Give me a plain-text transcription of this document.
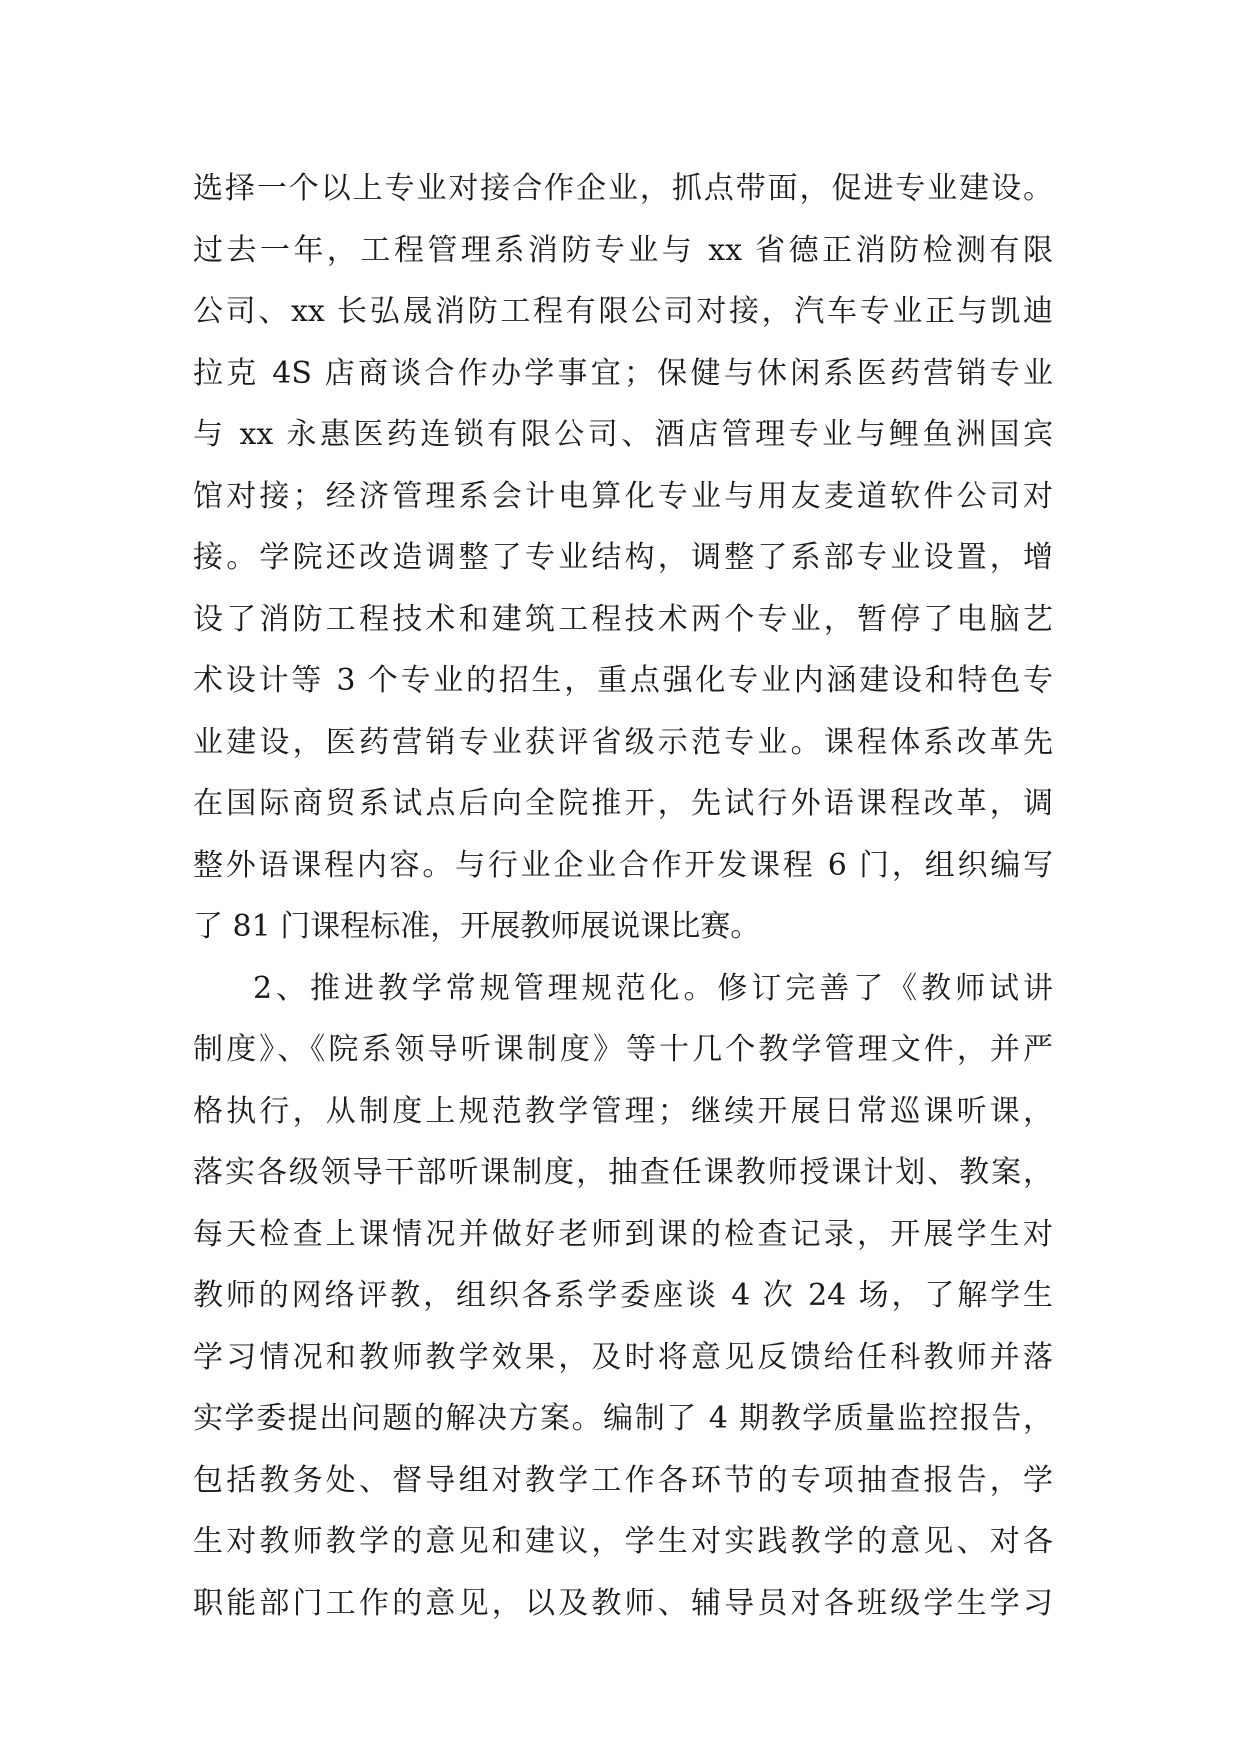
选择一个以上专业对接合作企业，抓点带面，促进专业建设。
过去一年，工程管理系消防专业与 xx 省德正消防检测有限
公司、xx 长弘晟消防工程有限公司对接，汽车专业正与凯迪
拉克 4S 店商谈合作办学事宜；保健与休闲系医药营销专业
与 xx 永惠医药连锁有限公司、酒店管理专业与鲤鱼洲国宾
馆对接；经济管理系会计电算化专业与用友麦道软件公司对
接。学院还改造调整了专业结构，调整了系部专业设置，增
设了消防工程技术和建筑工程技术两个专业，暂停了电脑艺
术设计等 3 个专业的招生，重点强化专业内涵建设和特色专
业建设，医药营销专业获评省级示范专业。课程体系改革先
在国际商贸系试点后向全院推开，先试行外语课程改革，调
整外语课程内容。与行业企业合作开发课程 6 门，组织编写
了 81 门课程标准，开展教师展说课比赛。
2、推进教学常规管理规范化。修订完善了《教师试讲
制度》、《院系领导听课制度》等十几个教学管理文件，并严
格执行，从制度上规范教学管理；继续开展日常巡课听课，
落实各级领导干部听课制度，抽查任课教师授课计划、教案，
每天检查上课情况并做好老师到课的检查记录，开展学生对
教师的网络评教，组织各系学委座谈 4 次 24 场，了解学生
学习情况和教师教学效果，及时将意见反馈给任科教师并落
实学委提出问题的解决方案。编制了 4 期教学质量监控报告，
包括教务处、督导组对教学工作各环节的专项抽查报告，学
生对教师教学的意见和建议，学生对实践教学的意见、对各
职能部门工作的意见，以及教师、辅导员对各班级学生学习
